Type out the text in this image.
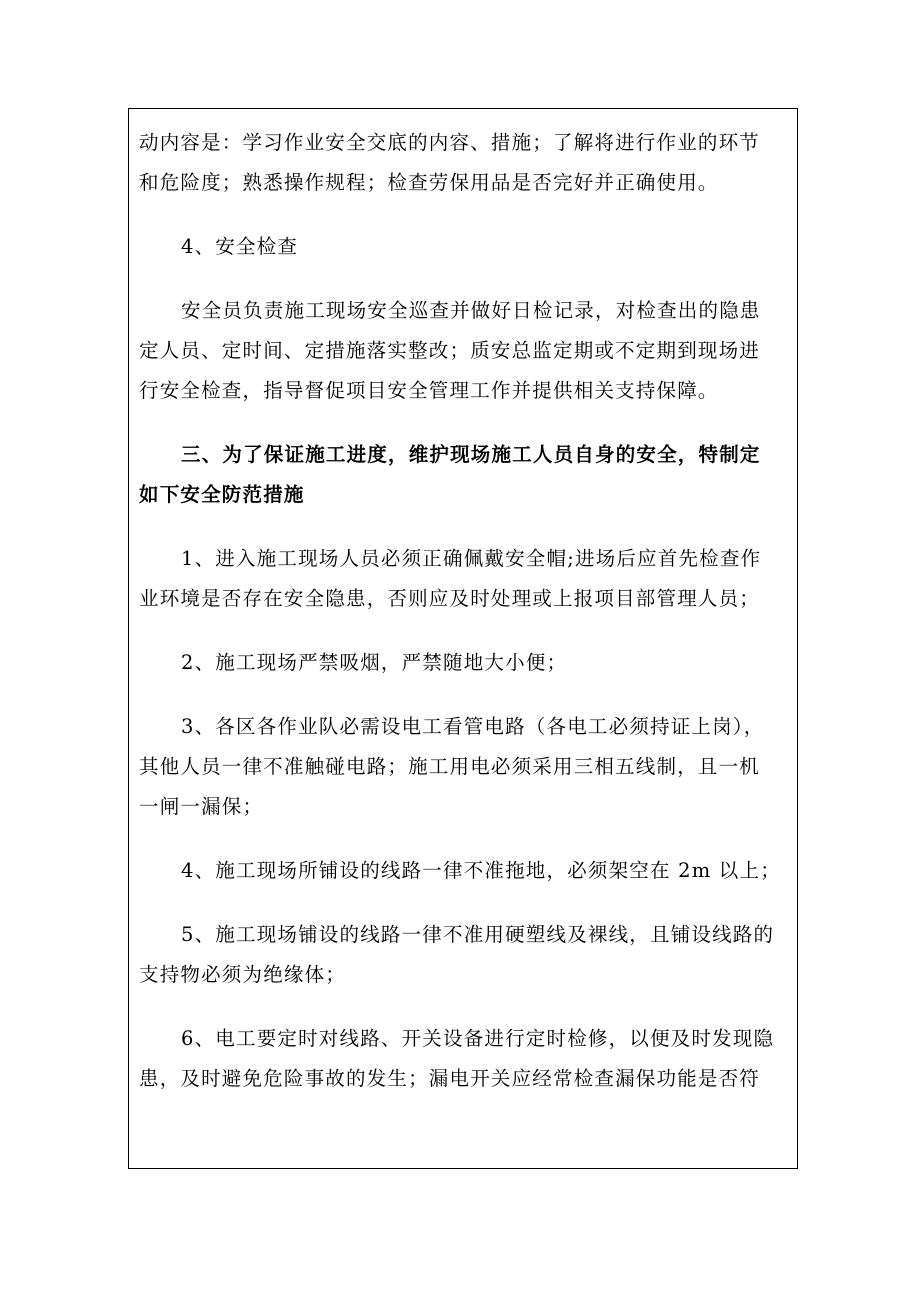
动内容是：学习作业安全交底的内容、措施；了解将进行作业的环节
和危险度；熟悉操作规程；检查劳保用品是否完好并正确使用。

4、安全检查

安全员负责施工现场安全巡查并做好日检记录，对检查出的隐患
定人员、定时间、定措施落实整改；质安总监定期或不定期到现场进
行安全检查，指导督促项目安全管理工作并提供相关支持保障。

三、为了保证施工进度，维护现场施工人员自身的安全，特制定
如下安全防范措施

1、进入施工现场人员必须正确佩戴安全帽;进场后应首先检查作
业环境是否存在安全隐患，否则应及时处理或上报项目部管理人员；

2、施工现场严禁吸烟，严禁随地大小便；

3、各区各作业队必需设电工看管电路（各电工必须持证上岗），
其他人员一律不准触碰电路；施工用电必须采用三相五线制，且一机
一闸一漏保；

4、施工现场所铺设的线路一律不准拖地，必须架空在 2m 以上；

5、施工现场铺设的线路一律不准用硬塑线及裸线，且铺设线路的
支持物必须为绝缘体；

6、电工要定时对线路、开关设备进行定时检修，以便及时发现隐
患，及时避免危险事故的发生；漏电开关应经常检查漏保功能是否符
